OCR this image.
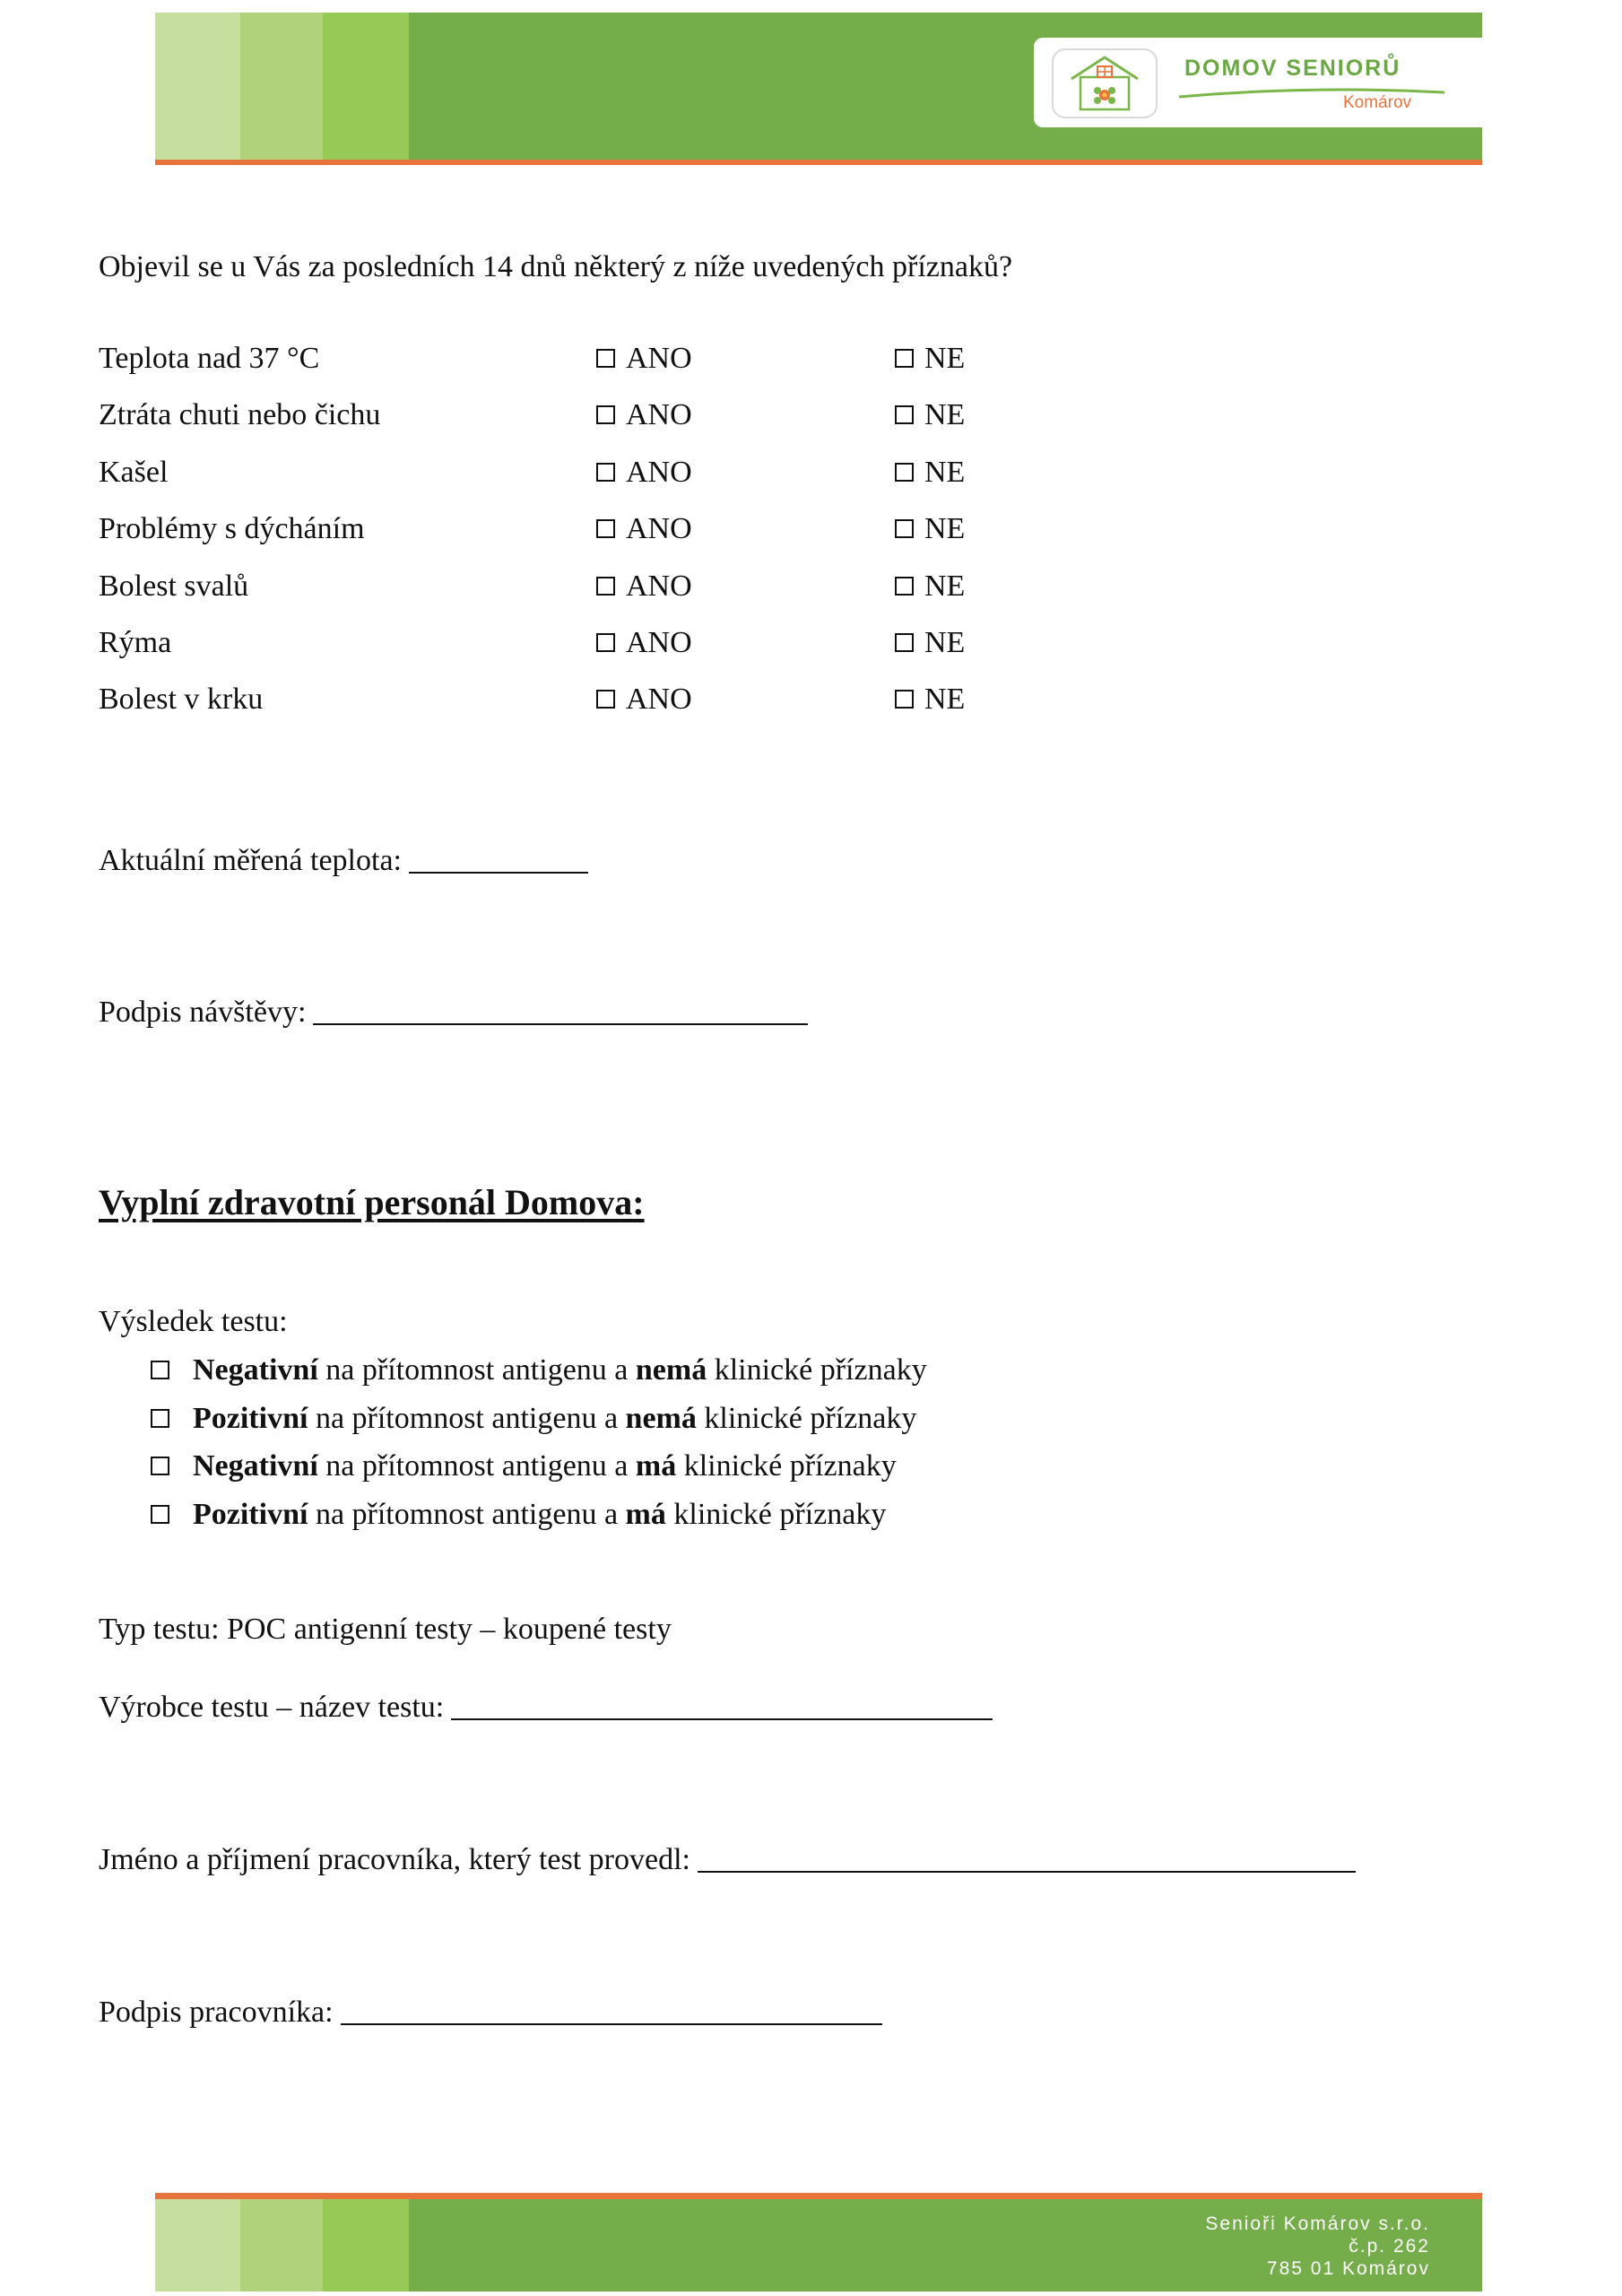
DOMOV SENIORŮ
Komárov
Objevil se u Vás za posledních 14 dnů některý z níže uvedených příznaků?
Teplota nad 37 °C	ANO	NE
Ztráta chuti nebo čichu	ANO	NE
Kašel	ANO	NE
Problémy s dýcháním	ANO	NE
Bolest svalů	ANO	NE
Rýma	ANO	NE
Bolest v krku	ANO	NE
Aktuální měřená teplota:
Podpis návštěvy:
Vyplní zdravotní personál Domova:
Výsledek testu:
Negativní na přítomnost antigenu a nemá klinické příznaky
Pozitivní na přítomnost antigenu a nemá klinické příznaky
Negativní na přítomnost antigenu a má klinické příznaky
Pozitivní na přítomnost antigenu a má klinické příznaky
Typ testu: POC antigenní testy – koupené testy
Výrobce testu – název testu:
Jméno a příjmení pracovníka, který test provedl:
Podpis pracovníka:
Senioři Komárov s.r.o.
č.p. 262
785 01 Komárov
